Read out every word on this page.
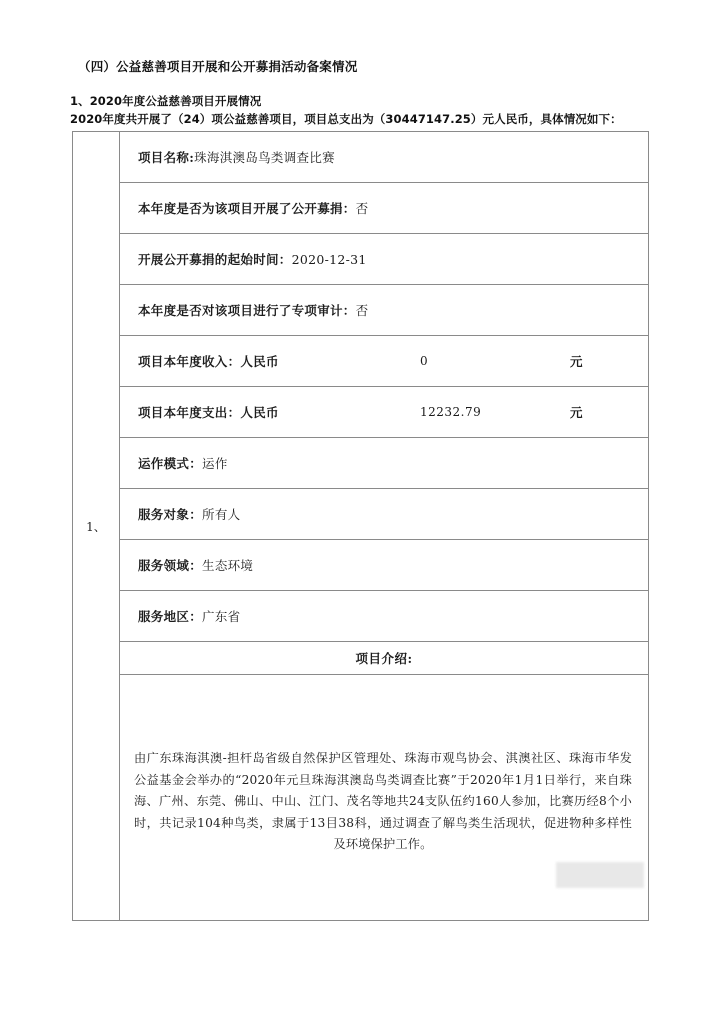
（四）公益慈善项目开展和公开募捐活动备案情况
1、2020年度公益慈善项目开展情况
2020年度共开展了（24）项公益慈善项目，项目总支出为（30447147.25）元人民币，具体情况如下：
1、	项目名称:珠海淇澳岛鸟类调查比赛
本年度是否为该项目开展了公开募捐：否
开展公开募捐的起始时间：2020-12-31
本年度是否对该项目进行了专项审计：否
项目本年度收入：人民币	0	元

项目本年度支出：人民币	12232.79	元

运作模式：运作
服务对象：所有人
服务领域：生态环境
服务地区：广东省
项目介绍:

由广东珠海淇澳-担杆岛省级自然保护区管理处、珠海市观鸟协会、淇澳社区、珠海市华发公益基金会举办的“2020年元旦珠海淇澳岛鸟类调查比赛”于2020年1月1日举行，来自珠海、广州、东莞、佛山、中山、江门、茂名等地共24支队伍约160人参加，比赛历经8个小时，共记录104种鸟类，隶属于13目38科，通过调查了解鸟类生活现状，促进物种多样性及环境保护工作。
